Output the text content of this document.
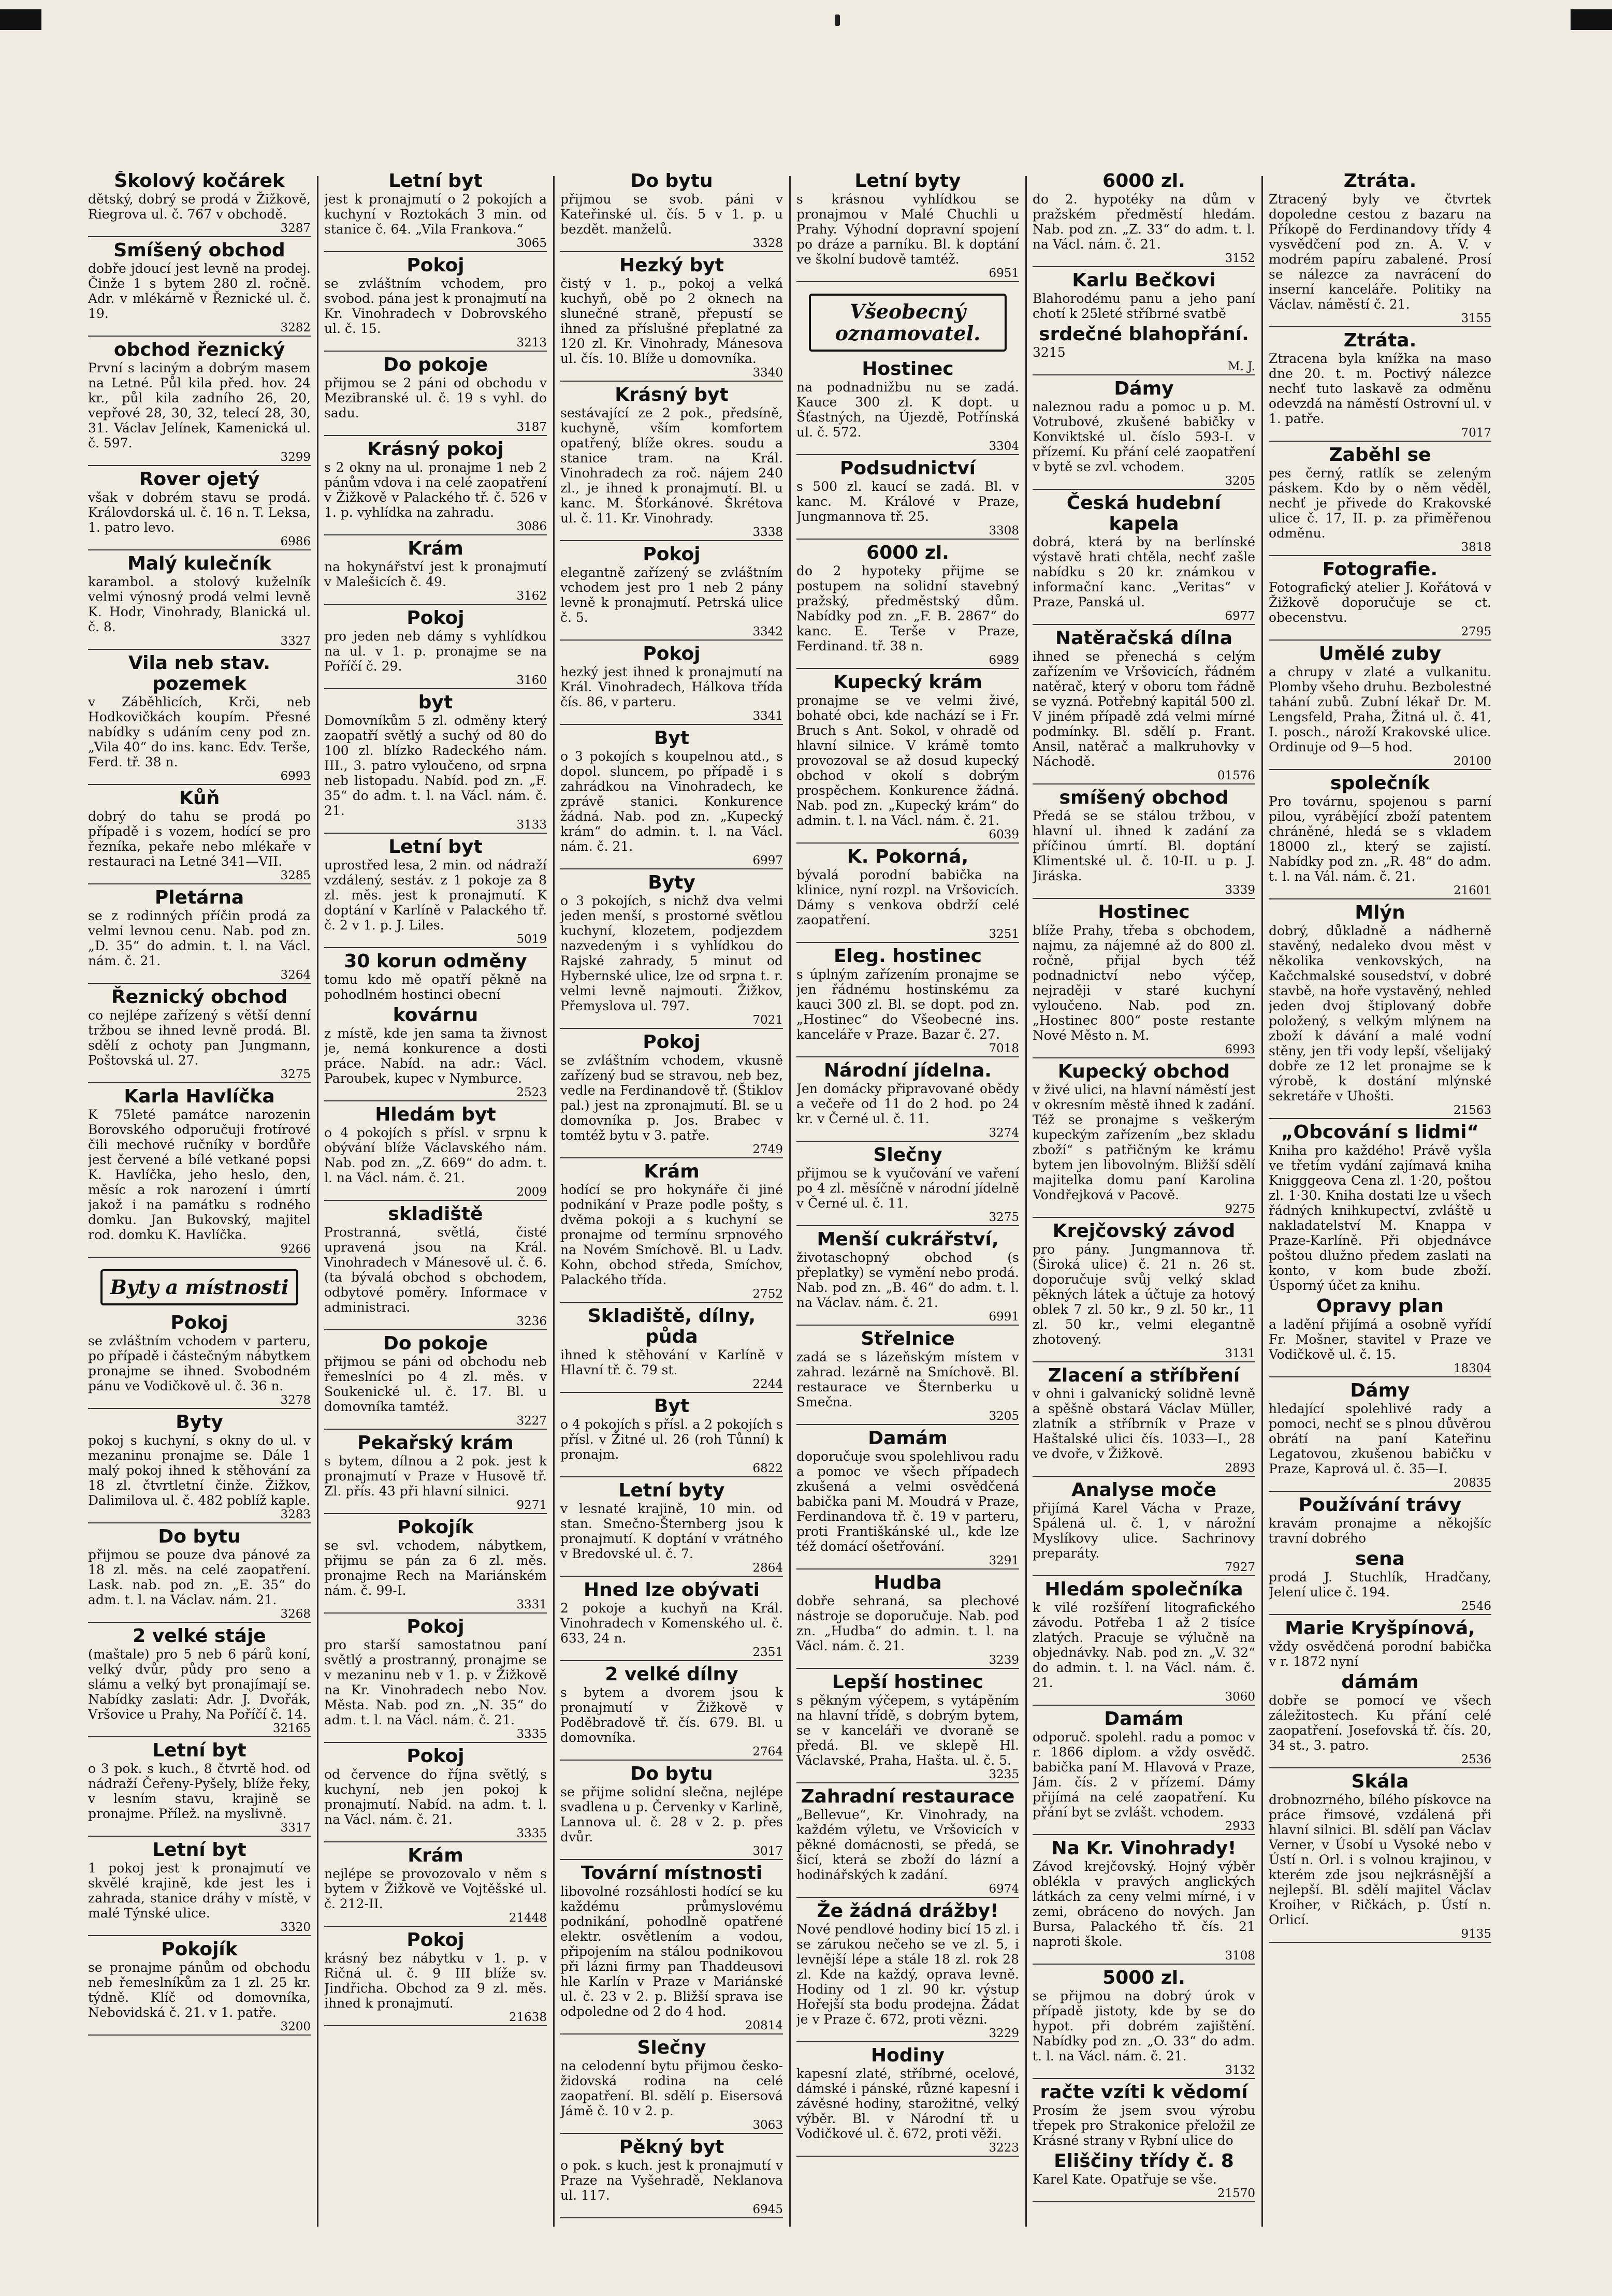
Školový kočárek
dětský, dobrý se prodá v Žižkově, Riegrova ul. č. 767 v obchodě.
3287
Smíšený obchod
dobře jdoucí jest levně na prodej. Činže 1 s bytem 280 zl. ročně. Adr. v mlékárně v Řeznické ul. č. 19.
3282
obchod řeznický
První s laciným a dobrým masem na Letné. Půl kila před. hov. 24 kr., půl kila zadního 26, 20, vepřové 28, 30, 32, telecí 28, 30, 31. Václav Jelínek, Kamenická ul. č. 597.
3299
Rover ojetý
však v dobrém stavu se prodá. Královdorská ul. č. 16 n. T. Leksa, 1. patro levo.
6986
Malý kulečník
karambol. a stolový kuželník velmi výnosný prodá velmi levně K. Hodr, Vinohrady, Blanická ul. č. 8.
3327
Vila neb stav. pozemek
v Záběhlicích, Krči, neb Hodkovičkách koupím. Přesné nabídky s udáním ceny pod zn. „Vila 40“ do ins. kanc. Edv. Terše, Ferd. tř. 38 n.
6993
Kůň
dobrý do tahu se prodá po případě i s vozem, hodící se pro řezníka, pekaře nebo mlékaře v restauraci na Letné 341—VII.
3285
Pletárna
se z rodinných příčin prodá za velmi levnou cenu. Nab. pod zn. „D. 35“ do admin. t. l. na Václ. nám. č. 21.
3264
Řeznický obchod
co nejlépe zařízený s větší denní tržbou se ihned levně prodá. Bl. sdělí z ochoty pan Jungmann, Poštovská ul. 27.
3275
Karla Havlíčka
K 75leté památce narozenin Borovského odporučuji frotírové čili mechové ručníky v bordůře jest červené a bílé vetkané popsi K. Havlíčka, jeho heslo, den, měsíc a rok narození i úmrtí jakož i na památku s rodného domku. Jan Bukovský, majitel rod. domku K. Havlíčka.
9266
Byty a místnosti
Pokoj
se zvláštním vchodem v parteru, po případě i částečným nábytkem pronajme se ihned. Svobodném pánu ve Vodičkově ul. č. 36 n.
3278
Byty
pokoj s kuchyní, s okny do ul. v mezaninu pronajme se. Dále 1 malý pokoj ihned k stěhování za 18 zl. čtvrtletní činže. Žižkov, Dalimilova ul. č. 482 poblíž kaple.
3283
Do bytu
přijmou se pouze dva pánové za 18 zl. měs. na celé zaopatření. Lask. nab. pod zn. „E. 35“ do adm. t. l. na Václav. nám. 21.
3268
2 velké stáje
(maštale) pro 5 neb 6 párů koní, velký dvůr, půdy pro seno a slámu a velký byt pronajímají se. Nabídky zaslati: Adr. J. Dvořák, Vršovice u Prahy, Na Poříčí č. 14.
32165
Letní byt
o 3 pok. s kuch., 8 čtvrtě hod. od nádraží Čeřeny-Pyšely, blíže řeky, v lesním stavu, krajině se pronajme. Přílež. na myslivně.
3317
Letní byt
1 pokoj jest k pronajmutí ve skvělé krajině, kde jest les i zahrada, stanice dráhy v místě, v malé Týnské ulice.
3320
Pokojík
se pronajme pánům od obchodu neb řemeslníkům za 1 zl. 25 kr. týdně. Klíč od domovníka, Nebovidská č. 21. v 1. patře.
3200
Letní byt
jest k pronajmutí o 2 pokojích a kuchyní v Roztokách 3 min. od stanice č. 64. „Vila Frankova.“
3065
Pokoj
se zvláštním vchodem, pro svobod. pána jest k pronajmutí na Kr. Vinohradech v Dobrovského ul. č. 15.
3213
Do pokoje
přijmou se 2 páni od obchodu v Mezibranské ul. č. 19 s vyhl. do sadu.
3187
Krásný pokoj
s 2 okny na ul. pronajme 1 neb 2 pánům vdova i na celé zaopatření v Žižkově v Palackého tř. č. 526 v 1. p. vyhlídka na zahradu.
3086
Krám
na hokynářství jest k pronajmutí v Malešicích č. 49.
3162
Pokoj
pro jeden neb dámy s vyhlídkou na ul. v 1. p. pronajme se na Poříčí č. 29.
3160
byt
Domovníkům 5 zl. odměny který zaopatří světlý a suchý od 80 do 100 zl. blízko Radeckého nám. III., 3. patro vyloučeno, od srpna neb listopadu. Nabíd. pod zn. „F. 35“ do adm. t. l. na Václ. nám. č. 21.
3133
Letní byt
uprostřed lesa, 2 min. od nádraží vzdálený, sestáv. z 1 pokoje za 8 zl. měs. jest k pronajmutí. K doptání v Karlíně v Palackého tř. č. 2 v 1. p. J. Liles.
5019
30 korun odměny
tomu kdo mě opatří pěkně na pohodlném hostinci obecní
kovárnu
z místě, kde jen sama ta živnost je, nemá konkurence a dosti práce. Nabíd. na adr.: Václ. Paroubek, kupec v Nymburce.
2523
Hledám byt
o 4 pokojích s přísl. v srpnu k obývání blíže Václavského nám. Nab. pod zn. „Z. 669“ do adm. t. l. na Václ. nám. č. 21.
2009
skladiště
Prostranná, světlá, čisté upravená jsou na Král. Vinohradech v Mánesově ul. č. 6. (ta bývalá obchod s obchodem, odbytové poměry. Informace v administraci.
3236
Do pokoje
přijmou se páni od obchodu neb řemeslníci po 4 zl. měs. v Soukenické ul. č. 17. Bl. u domovníka tamtéž.
3227
Pekařský krám
s bytem, dílnou a 2 pok. jest k pronajmutí v Praze v Husově tř. Zl. přís. 43 při hlavní silnici.
9271
Pokojík
se svl. vchodem, nábytkem, přijmu se pán za 6 zl. měs. pronajme Rech na Mariánském nám. č. 99-I.
3331
Pokoj
pro starší samostatnou paní světlý a prostranný, pronajme se v mezaninu neb v 1. p. v Žižkově na Kr. Vinohradech nebo Nov. Města. Nab. pod zn. „N. 35“ do adm. t. l. na Václ. nám. č. 21.
3335
Pokoj
od července do října světlý, s kuchyní, neb jen pokoj k pronajmutí. Nabíd. na adm. t. l. na Václ. nám. č. 21.
3335
Krám
nejlépe se provozovalo v něm s bytem v Žižkově ve Vojtěšské ul. č. 212-II.
21448
Pokoj
krásný bez nábytku v 1. p. v Ričná ul. č. 9 III blíže sv. Jindřicha. Obchod za 9 zl. měs. ihned k pronajmutí.
21638
Do bytu
přijmou se svob. páni v Kateřinské ul. čís. 5 v 1. p. u bezdět. manželů.
3328
Hezký byt
čistý v 1. p., pokoj a velká kuchyň, obě po 2 oknech na slunečné straně, přepustí se ihned za příslušné přeplatné za 120 zl. Kr. Vinohrady, Mánesova ul. čís. 10. Blíže u domovníka.
3340
Krásný byt
sestávající ze 2 pok., předsíně, kuchyně, vším komfortem opatřený, blíže okres. soudu a stanice tram. na Král. Vinohradech za roč. nájem 240 zl., je ihned k pronajmutí. Bl. u kanc. M. Šťorkánové. Škrétova ul. č. 11. Kr. Vinohrady.
3338
Pokoj
elegantně zařízený se zvláštním vchodem jest pro 1 neb 2 pány levně k pronajmutí. Petrská ulice č. 5.
3342
Pokoj
hezký jest ihned k pronajmutí na Král. Vinohradech, Hálkova třída čís. 86, v parteru.
3341
Byt
o 3 pokojích s koupelnou atd., s dopol. sluncem, po případě i s zahrádkou na Vinohradech, ke zprávě stanici. Konkurence žádná. Nab. pod zn. „Kupecký krám“ do admin. t. l. na Václ. nám. č. 21.
6997
Byty
o 3 pokojích, s nichž dva velmi jeden menší, s prostorné světlou kuchyní, klozetem, podjezdem nazvedeným i s vyhlídkou do Rajské zahrady, 5 minut od Hybernské ulice, lze od srpna t. r. velmi levně najmouti. Žižkov, Přemyslova ul. 797.
7021
Pokoj
se zvláštním vchodem, vkusně zařízený bud se stravou, neb bez, vedle na Ferdinandově tř. (Štiklov pal.) jest na zpronajmutí. Bl. se u domovníka p. Jos. Brabec v tomtéž bytu v 3. patře.
2749
Krám
hodící se pro hokynáře či jiné podnikání v Praze podle pošty, s dvěma pokoji a s kuchyní se pronajme od termínu srpnového na Novém Smíchově. Bl. u Ladv. Kohn, obchod středa, Smíchov, Palackého třída.
2752
Skladiště, dílny, půda
ihned k stěhování v Karlíně v Hlavní tř. č. 79 st.
2244
Byt
o 4 pokojích s přísl. a 2 pokojích s přísl. v Žitné ul. 26 (roh Tůnní) k pronajm.
6822
Letní byty
v lesnaté krajině, 10 min. od stan. Smečno-Šternberg jsou k pronajmutí. K doptání v vrátného v Bredovské ul. č. 7.
2864
Hned lze obývati
2 pokoje a kuchyň na Král. Vinohradech v Komenského ul. č. 633, 24 n.
2351
2 velké dílny
s bytem a dvorem jsou k pronajmutí v Žižkově v Poděbradově tř. čís. 679. Bl. u domovníka.
2764
Do bytu
se přijme solidní slečna, nejlépe svadlena u p. Červenky v Karlině, Lannova ul. č. 28 v 2. p. přes dvůr.
3017
Tovární místnosti
libovolné rozsáhlosti hodící se ku každému průmyslovému podnikání, pohodlně opatřené elektr. osvětlením a vodou, připojením na stálou podnikovou při lázni firmy pan Thaddeusovi hle Karlín v Praze v Mariánské ul. č. 23 v 2. p. Bližší sprava ise odpoledne od 2 do 4 hod.
20814
Slečny
na celodenní bytu přijmou česko-židovská rodina na celé zaopatření. Bl. sdělí p. Eisersová Jámě č. 10 v 2. p.
3063
Pěkný byt
o pok. s kuch. jest k pronajmutí v Praze na Vyšehradě, Neklanova ul. 117.
6945
Letní byty
s krásnou vyhlídkou se pronajmou v Malé Chuchli u Prahy. Výhodní dopravní spojení po dráze a parníku. Bl. k doptání ve školní budově tamtéž.
6951
Všeobecný oznamovatel.
Hostinec
na podnadnižbu nu se zadá. Kauce 300 zl. K dopt. u Šťastných, na Újezdě, Potřínská ul. č. 572.
3304
Podsudnictví
s 500 zl. kaucí se zadá. Bl. v kanc. M. Králové v Praze, Jungmannova tř. 25.
3308
6000 zl.
do 2 hypoteky přijme se postupem na solidní stavebný pražský, předměstský dům. Nabídky pod zn. „F. B. 2867“ do kanc. E. Terše v Praze, Ferdinand. tř. 38 n.
6989
Kupecký krám
pronajme se ve velmi živé, bohaté obci, kde nachází se i Fr. Bruch s Ant. Sokol, v ohradě od hlavní silnice. V krámě tomto provozoval se až dosud kupecký obchod v okolí s dobrým prospěchem. Konkurence žádná. Nab. pod zn. „Kupecký krám“ do admin. t. l. na Václ. nám. č. 21.
6039
K. Pokorná,
bývalá porodní babička na klinice, nyní rozpl. na Vršovicích. Dámy s venkova obdrží celé zaopatření.
3251
Eleg. hostinec
s úplným zařízením pronajme se jen řádnému hostinskému za kauci 300 zl. Bl. se dopt. pod zn. „Hostinec“ do Všeobecné ins. kanceláře v Praze. Bazar č. 27.
7018
Národní jídelna.
Jen domácky připravované obědy a večeře od 11 do 2 hod. po 24 kr. v Černé ul. č. 11.
3274
Slečny
přijmou se k vyučování ve vaření po 4 zl. měsíčně v národní jídelně v Černé ul. č. 11.
3275
Menší cukrářství,
životaschopný obchod (s přeplatky) se vymění nebo prodá. Nab. pod zn. „B. 46“ do adm. t. l. na Václav. nám. č. 21.
6991
Střelnice
zadá se s lázeňským místem v zahrad. lezárně na Smíchově. Bl. restaurace ve Šternberku u Smečna.
3205
Damám
doporučuje svou spolehlivou radu a pomoc ve všech případech zkušená a velmi osvědčená babička pani M. Moudrá v Praze, Ferdinandova tř. č. 19 v parteru, proti Františkánské ul., kde lze též domácí ošetřování.
3291
Hudba
dobře sehraná, sa plechové nástroje se doporučuje. Nab. pod zn. „Hudba“ do admin. t. l. na Václ. nám. č. 21.
3239
Lepší hostinec
s pěkným výčepem, s vytápěním na hlavní třídě, s dobrým bytem, se v kanceláři ve dvoraně se předá. Bl. ve sklepě Hl. Václavské, Praha, Hašta. ul. č. 5.
3235
Zahradní restaurace
„Bellevue“, Kr. Vinohrady, na každém výletu, ve Vršovicích v pěkné domácnosti, se předá, se šicí, která se zboží do lázní a hodinářských k zadání.
6974
Že žádná drážby!
Nové pendlové hodiny bicí 15 zl. i se zárukou nečeho se ve zl. 5, i levnější lépe a stále 18 zl. rok 28 zl. Kde na každý, oprava levně. Hodiny od 1 zl. 90 kr. výstup Hořejší sta bodu prodejna. Žádat je v Praze č. 672, proti vězni.
3229
Hodiny
kapesní zlaté, stříbrné, ocelové, dámské i pánské, různé kapesní i závěsné hodiny, starožitné, velký výběr. Bl. v Národní tř. u Vodičkové ul. č. 672, proti věži.
3223
6000 zl.
do 2. hypotéky na dům v pražském předměstí hledám. Nab. pod zn. „Z. 33“ do adm. t. l. na Václ. nám. č. 21.
3152
Karlu Bečkovi
Blahorodému panu a jeho paní chotí k 25leté stříbrné svatbě
srdečné blahopřání.
3215
M. J.
Dámy
naleznou radu a pomoc u p. M. Votrubové, zkušené babičky v Konviktské ul. číslo 593-I. v přízemí. Ku přání celé zaopatření v bytě se zvl. vchodem.
3205
Česká hudební kapela
dobrá, která by na berlínské výstavě hrati chtěla, nechť zašle nabídku s 20 kr. známkou v informační kanc. „Veritas“ v Praze, Panská ul.
6977
Natěračská dílna
ihned se přenechá s celým zařízením ve Vršovicích, řádném natěrač, který v oboru tom řádně se vyzná. Potřebný kapitál 500 zl. V jiném případě zdá velmi mírné podmínky. Bl. sdělí p. Frant. Ansil, natěrač a malkruhovky v Náchodě.
01576
smíšený obchod
Předá se se stálou tržbou, v hlavní ul. ihned k zadání za příčinou úmrtí. Bl. doptání Klimentské ul. č. 10-II. u p. J. Jiráska.
3339
Hostinec
blíže Prahy, třeba s obchodem, najmu, za nájemné až do 800 zl. ročně, přijal bych též podnadnictví nebo výčep, nejraději v staré kuchyní vyloučeno. Nab. pod zn. „Hostinec 800“ poste restante Nové Město n. M.
6993
Kupecký obchod
v živé ulici, na hlavní náměstí jest v okresním městě ihned k zadání. Též se pronajme s veškerým kupeckým zařízením „bez skladu zboží“ s patřičným ke krámu bytem jen libovolným. Bližší sdělí majitelka domu paní Karolina Vondřejková v Pacově.
9275
Krejčovský závod
pro pány. Jungmannova tř. (Široká ulice) č. 21 n. 26 st. doporučuje svůj velký sklad pěkných látek a účtuje za hotový oblek 7 zl. 50 kr., 9 zl. 50 kr., 11 zl. 50 kr., velmi elegantně zhotovený.
3131
Zlacení a stříbření
v ohni i galvanický solidně levně a spěšně obstará Václav Müller, zlatník a stříbrník v Praze v Haštalské ulici čís. 1033—I., 28 ve dvoře, v Žižkově.
2893
Analyse moče
přijímá Karel Vácha v Praze, Spálená ul. č. 1, v nárožní Myslíkovy ulice. Sachrinovy preparáty.
7927
Hledám společníka
k vilé rozšíření litografického závodu. Potřeba 1 až 2 tisíce zlatých. Pracuje se výlučně na objednávky. Nab. pod zn. „V. 32“ do admin. t. l. na Václ. nám. č. 21.
3060
Damám
odporuč. spolehl. radu a pomoc v r. 1866 diplom. a vždy osvědč. babička paní M. Hlavová v Praze, Jám. čís. 2 v přízemí. Dámy přijímá na celé zaopatření. Ku přání byt se zvlášt. vchodem.
2933
Na Kr. Vinohrady!
Závod krejčovský. Hojný výběr oblékla v pravých anglických látkách za ceny velmi mírné, i v zemi, obráceno do nových. Jan Bursa, Palackého tř. čís. 21 naproti škole.
3108
5000 zl.
se přijmou na dobrý úrok v případě jistoty, kde by se do hypot. při dobrém zajištění. Nabídky pod zn. „O. 33“ do adm. t. l. na Václ. nám. č. 21.
3132
račte vzíti k vědomí
Prosím že jsem svou výrobu třepek pro Strakonice přeložil ze Krásné strany v Rybní ulice do
Eliščiny třídy č. 8
Karel Kate. Opatřuje se vše.
21570
Ztráta.
Ztracený byly ve čtvrtek dopoledne cestou z bazaru na Příkopě do Ferdinandovy třídy 4 vysvědčení pod zn. A. V. v modrém papíru zabalené. Prosí se nálezce za navrácení do inserní kanceláře. Politiky na Václav. náměstí č. 21.
3155
Ztráta.
Ztracena byla knížka na maso dne 20. t. m. Poctivý nálezce nechť tuto laskavě za odměnu odevzdá na náměstí Ostrovní ul. v 1. patře.
7017
Zaběhl se
pes černý, ratlík se zeleným páskem. Kdo by o něm věděl, nechť je přivede do Krakovské ulice č. 17, II. p. za přiměřenou odměnu.
3818
Fotografie.
Fotografický atelier J. Kořátová v Žižkově doporučuje se ct. obecenstvu.
2795
Umělé zuby
a chrupy v zlaté a vulkanitu. Plomby všeho druhu. Bezbolestné tahání zubů. Zubní lékař Dr. M. Lengsfeld, Praha, Žitná ul. č. 41, I. posch., nároží Krakovské ulice. Ordinuje od 9—5 hod.
20100
společník
Pro továrnu, spojenou s parní pilou, vyrábějící zboží patentem chráněné, hledá se s vkladem 18000 zl., který se zajistí. Nabídky pod zn. „R. 48“ do adm. t. l. na Vál. nám. č. 21.
21601
Mlýn
dobrý, důkladně a nádherně stavěný, nedaleko dvou měst v několika venkovských, na Kačchmalské sousedství, v dobré stavbě, na hoře vystavěný, nehled jeden dvoj štiplovaný dobře položený, s velkým mlýnem na zboží k dávání a malé vodní stěny, jen tři vody lepší, všelijaký dobře ze 12 let pronajme se k výrobě, k dostání mlýnské sekretáře v Uhošti.
21563
„Obcování s lidmi“
Kniha pro každého! Právě vyšla ve třetím vydání zajímavá kniha Knigggeova Cena zl. 1·20, poštou zl. 1·30. Kniha dostati lze u všech řádných knihkupectví, zvláště u nakladatelství M. Knappa v Praze-Karlíně. Při objednávce poštou dlužno předem zaslati na konto, v kom bude zboží. Úsporný účet za knihu.
Opravy plan
a ladění přijímá a osobně vyřídí Fr. Mošner, stavitel v Praze ve Vodičkově ul. č. 15.
18304
Dámy
hledající spolehlivé rady a pomoci, nechť se s plnou důvěrou obrátí na paní Kateřinu Legatovou, zkušenou babičku v Praze, Kaprová ul. č. 35—I.
20835
Používání trávy
kravám pronajme a někojšíc travní dobrého
sena
prodá J. Stuchlík, Hradčany, Jelení ulice č. 194.
2546
Marie Kryšpínová,
vždy osvědčená porodní babička v r. 1872 nyní
dámám
dobře se pomocí ve všech záležitostech. Ku přání celé zaopatření. Josefovská tř. čís. 20, 34 st., 3. patro.
2536
Skála
drobnozrného, bílého pískovce na práce řimsové, vzdálená při hlavní silnici. Bl. sdělí pan Václav Verner, v Úsobí u Vysoké nebo v Ústí n. Orl. i s volnou krajinou, v kterém zde jsou nejkrásnější a nejlepší. Bl. sdělí majitel Václav Kroiher, v Ričkách, p. Ústí n. Orlicí.
9135
